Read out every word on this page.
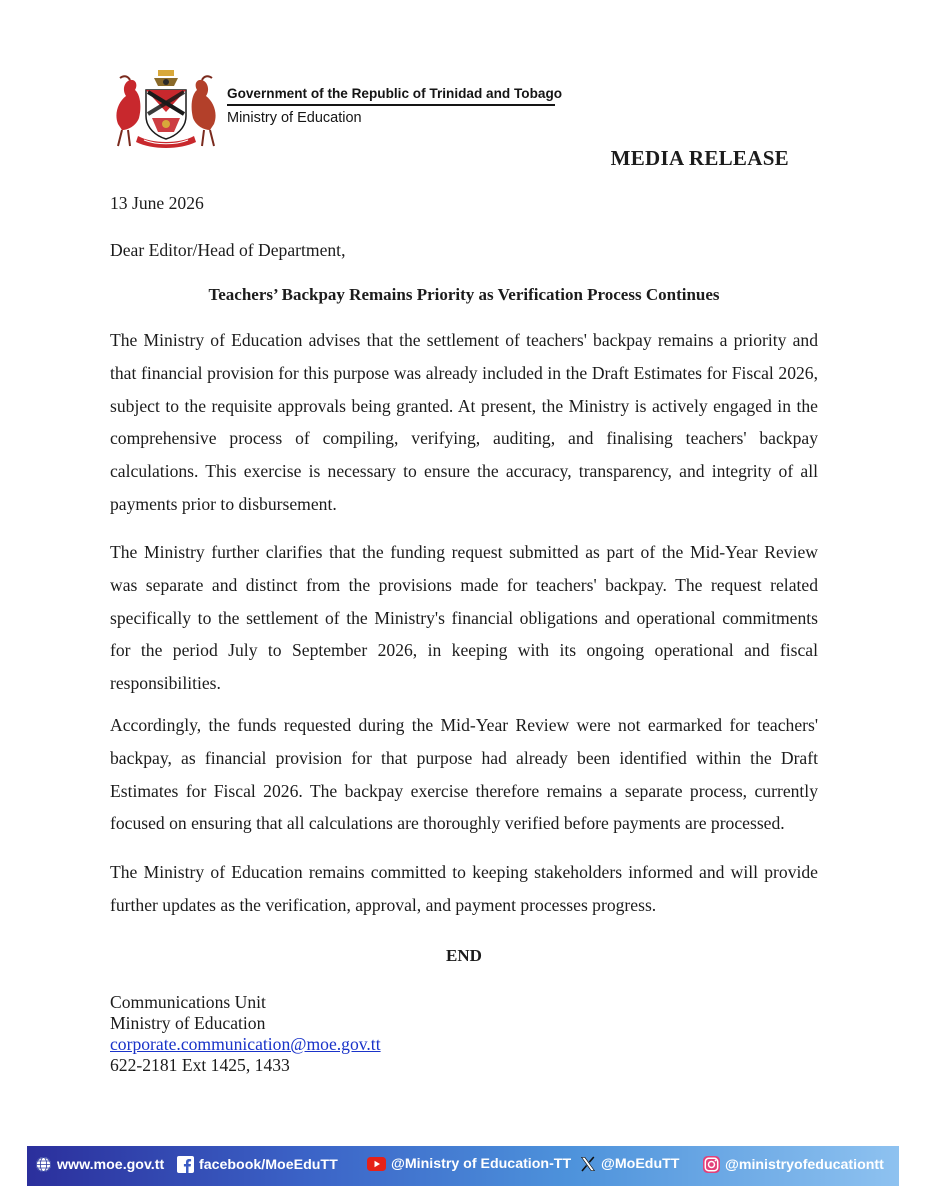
Government of the Republic of Trinidad and Tobago
Ministry of Education
MEDIA RELEASE
13 June 2026
Dear Editor/Head of Department,
Teachers’ Backpay Remains Priority as Verification Process Continues

The Ministry of Education advises that the settlement of teachers' backpay remains a priority and that financial provision for this purpose was already included in the Draft Estimates for Fiscal 2026, subject to the requisite approvals being granted. At present, the Ministry is actively engaged in the comprehensive process of compiling, verifying, auditing, and finalising teachers' backpay calculations. This exercise is necessary to ensure the accuracy, transparency, and integrity of all payments prior to disbursement.

The Ministry further clarifies that the funding request submitted as part of the Mid-Year Review was separate and distinct from the provisions made for teachers' backpay. The request related specifically to the settlement of the Ministry's financial obligations and operational commitments for the period July to September 2026, in keeping with its ongoing operational and fiscal responsibilities.

Accordingly, the funds requested during the Mid-Year Review were not earmarked for teachers' backpay, as financial provision for that purpose had already been identified within the Draft Estimates for Fiscal 2026. The backpay exercise therefore remains a separate process, currently focused on ensuring that all calculations are thoroughly verified before payments are processed.

The Ministry of Education remains committed to keeping stakeholders informed and will provide further updates as the verification, approval, and payment processes progress.

END
Communications Unit
Ministry of Education
corporate.communication@moe.gov.tt
622-2181 Ext 1425, 1433
www.moe.gov.tt facebook/MoeEduTT	@Ministry of Education-TT @MoEduTT	@ministryofeducationtt
